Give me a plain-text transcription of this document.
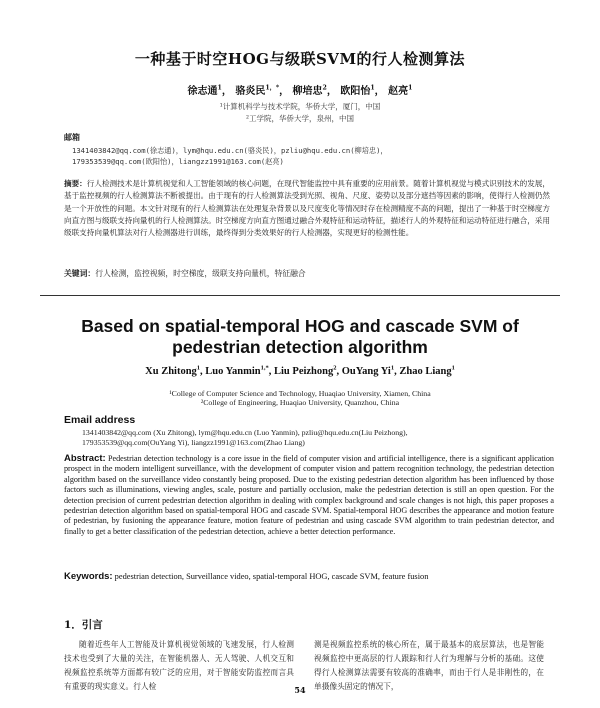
一种基于时空HOG与级联SVM的行人检测算法
徐志通$^1$， 骆炎民$^{1,*}$， 柳培忠$^2$， 欧阳怡$^1$， 赵亮$^1$
¹计算机科学与技术学院，华侨大学，厦门，中国
²工学院，华侨大学，泉州，中国
邮箱
1341403842@qq.com(徐志通)，lym@hqu.edu.cn(骆炎民)，pzliu@hqu.edu.cn(柳培忠)，
179353539@qq.com(欧阳怡)，liangzz1991@163.com(赵亮)
摘要：行人检测技术是计算机视觉和人工智能领域的核心问题，在现代智能监控中具有重要的应用前景。随着计算机视觉与模式识别技术的发展，基于监控视频的行人检测算法不断被提出。由于现有的行人检测算法受到光照、视角、尺度、姿势以及部分遮挡等因素的影响，使得行人检测仍然是一个开放性的问题。本文针对现有的行人检测算法在处理复杂背景以及尺度变化等情况时存在检测精度不高的问题，提出了一种基于时空梯度方向直方图与级联支持向量机的行人检测算法。时空梯度方向直方图通过融合外观特征和运动特征，描述行人的外观特征和运动特征进行融合，采用级联支持向量机算法对行人检测器进行训练，最终得到分类效果好的行人检测器，实现更好的检测性能。
关键词：行人检测，监控视频，时空梯度，级联支持向量机，特征融合
Based on spatial-temporal HOG and cascade SVM of
pedestrian detection algorithm
Xu Zhitong$^1$, Luo Yanmin$^{1,*}$, Liu Peizhong$^2$, OuYang Yi$^1$, Zhao Liang$^1$
¹College of Computer Science and Technology, Huaqiao University, Xiamen, China
²College of Engineering, Huaqiao University, Quanzhou, China
Email address
1341403842@qq.com (Xu Zhitong), lym@hqu.edu.cn (Luo Yanmin), pzliu@hqu.edu.cn(Liu Peizhong),
179353539@qq.com(OuYang Yi), liangzz1991@163.com(Zhao Liang)
Abstract: Pedestrian detection technology is a core issue in the field of computer vision and artificial intelligence, there is a significant application prospect in the modern intelligent surveillance, with the development of computer vision and pattern recognition technology, the pedestrian detection algorithm based on the surveillance video constantly being proposed. Due to the existing pedestrian detection algorithm has been influenced by those factors such as illuminations, viewing angles, scale, posture and partially occlusion, make the pedestrian detection is still an open question. For the detection precision of current pedestrian detection algorithm in dealing with complex background and scale changes is not high, this paper proposes a pedestrian detection algorithm based on spatial-temporal HOG and cascade SVM. Spatial-temporal HOG describes the appearance and motion feature of pedestrian, by fusioning the appearance feature, motion feature of pedestrian and using cascade SVM algorithm to train pedestrian detector, and finally to get a better classification of the pedestrian detection, achieve a better detection performance.
Keywords: pedestrian detection, Surveillance video, spatial-temporal HOG, cascade SVM, feature fusion
1．引言
随着近些年人工智能及计算机视觉领域的飞速发展，行人检测技术也受到了大量的关注，在智能机器人、无人驾驶、人机交互和视频监控系统等方面都有较广泛的应用，对于智能安防监控而言具有重要的现实意义。行人检
测是视频监控系统的核心所在，属于最基本的底层算法，也是智能视频监控中更高层的行人跟踪和行人行为理解与分析的基础。这使得行人检测算法需要有较高的准确率，而由于行人是非刚性的，在单摄像头固定的情况下，
54
